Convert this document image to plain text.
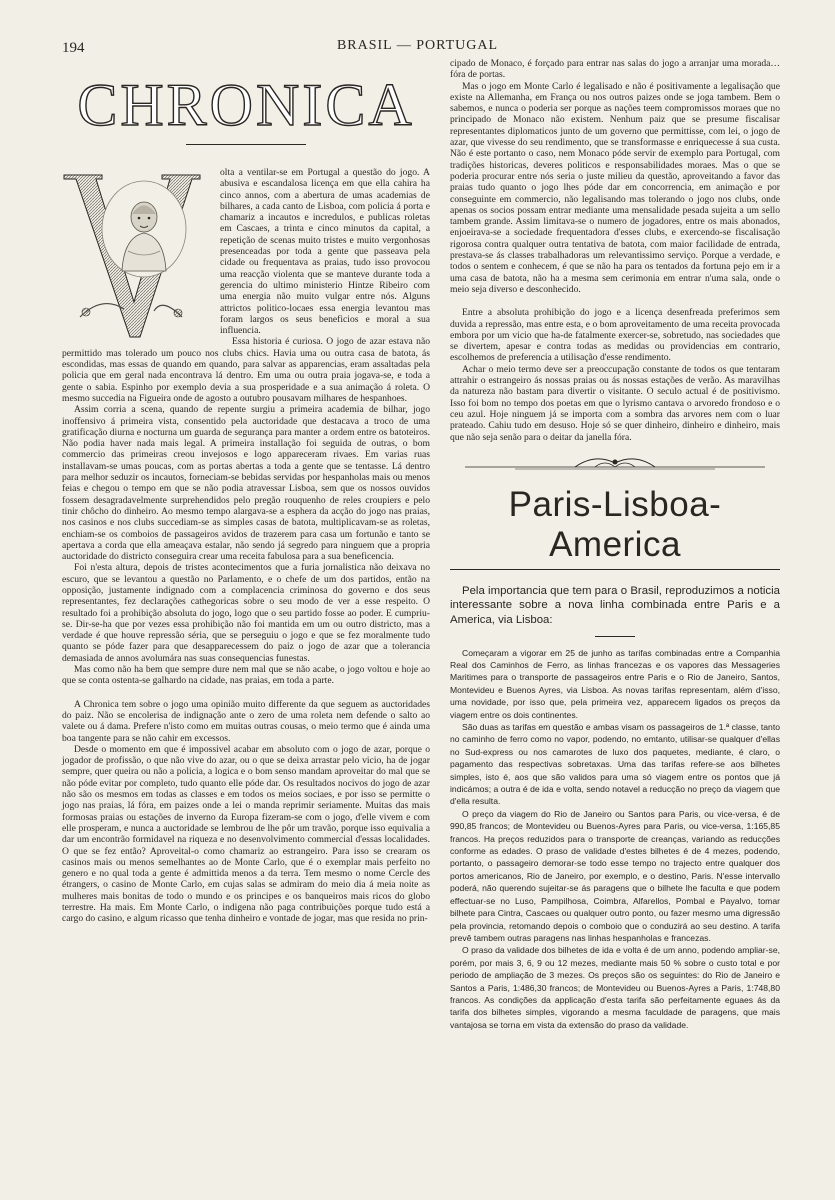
194	BRASIL — PORTUGAL
CHRONICA

olta a ventilar-se em Portugal a questão do jogo. A abusiva e escandalosa licença em que ella cahira ha cinco annos, com a abertura de umas academias de bilhares, a cada canto de Lisboa, com policia á porta e chamariz a incautos e incredulos, e publicas roletas em Cascaes, a trinta e cinco minutos da capital, a repetição de scenas muito tristes e muito vergonhosas presenceadas por toda a gente que passeava pela cidade ou frequentava as praias, tudo isso provocou uma reacção violenta que se manteve durante toda a gerencia do ultimo ministerio Hintze Ribeiro com uma energia não muito vulgar entre nós. Alguns attrictos politico-locaes essa energia levantou mas foram largos os seus beneficios e moral a sua influencia.

Essa historia é curiosa. O jogo de azar estava não permittido mas tolerado um pouco nos clubs chics. Havia uma ou outra casa de batota, ás escondidas, mas essas de quando em quando, para salvar as apparencias, eram assaltadas pela policia que em geral nada encontrava lá dentro. Em uma ou outra praia jogava-se, e toda a gente o sabia. Espinho por exemplo devia a sua prosperidade e a sua animação á roleta. O mesmo succedia na Figueira onde de agosto a outubro pousavam milhares de hespanhoes.

Assim corria a scena, quando de repente surgiu a primeira academia de bilhar, jogo inoffensivo á primeira vista, consentido pela auctoridade que destacava a troco de uma gratificação diurna e nocturna um guarda de segurança para manter a ordem entre os batoteiros. Não podia haver nada mais legal. A primeira installação foi seguida de outras, o bom commercio das primeiras creou invejosos e logo appareceram rivaes. Em varias ruas installavam-se umas poucas, com as portas abertas a toda a gente que se tentasse. Lá dentro para melhor seduzir os incautos, forneciam-se bebidas servidas por hespanholas mais ou menos feias e chegou o tempo em que se não podia atravessar Lisboa, sem que os nossos ouvidos fossem desagradavelmente surprehendidos pelo pregão rouquenho de reles croupiers e pelo tinir chôcho do dinheiro. Ao mesmo tempo alargava-se a esphera da acção do jogo nas praias, nos casinos e nos clubs succediam-se as simples casas de batota, multiplicavam-se as roletas, enchiam-se os comboios de passageiros avidos de trazerem para casa um fortunão e tanto se apertava a corda que ella ameaçava estalar, não sendo já segredo para ninguem que a propria auctoridade do districto conseguira crear uma receita fabulosa para a sua beneficencia.

Foi n'esta altura, depois de tristes acontecimentos que a furia jornalistica não deixava no escuro, que se levantou a questão no Parlamento, e o chefe de um dos partidos, então na opposição, justamente indignado com a complacencia criminosa do governo e dos seus representantes, fez declarações cathegoricas sobre o seu modo de ver a esse respeito. O resultado foi a prohibição absoluta do jogo, logo que o seu partido fosse ao poder. E cumpriu-se. Dir-se-ha que por vezes essa prohibição não foi mantida em um ou outro districto, mas a verdade é que houve repressão séria, que se perseguiu o jogo e que se fez moralmente tudo quanto se póde fazer para que desapparecessem do paiz o jogo de azar que a tolerancia demasiada de annos avolumára nas suas consequencias funestas.

Mas como não ha bem que sempre dure nem mal que se não acabe, o jogo voltou e hoje ao que se conta ostenta-se galhardo na cidade, nas praias, em toda a parte.

A Chronica tem sobre o jogo uma opinião muito differente da que seguem as auctoridades do paiz. Não se encolerisa de indignação ante o zero de uma roleta nem defende o salto ao valete ou á dama. Prefere n'isto como em muitas outras cousas, o meio termo que é ainda uma boa tangente para se não cahir em excessos.

Desde o momento em que é impossivel acabar em absoluto com o jogo de azar, porque o jogador de profissão, o que não vive do azar, ou o que se deixa arrastar pelo vicio, ha de jogar sempre, quer queira ou não a policia, a logica e o bom senso mandam aproveitar do mal que se não póde evitar por completo, tudo quanto elle póde dar. Os resultados nocivos do jogo de azar não são os mesmos em todas as classes e em todos os meios sociaes, e por isso se permitte o jogo nas praias, lá fóra, em paizes onde a lei o manda reprimir seriamente. Muitas das mais formosas praias ou estações de inverno da Europa fizeram-se com o jogo, d'elle vivem e com elle prosperam, e nunca a auctoridade se lembrou de lhe pôr um travão, porque isso equivalia a dar um encontrão formidavel na riqueza e no desenvolvimento commercial d'essas localidades. O que se fez então? Aproveital-o como chamariz ao estrangeiro. Para isso se crearam os casinos mais ou menos semelhantes ao de Monte Carlo, que é o exemplar mais perfeito no genero e no qual toda a gente é admittida menos a da terra. Tem mesmo o nome Cercle des étrangers, o casino de Monte Carlo, em cujas salas se admiram do meio dia á meia noite as mulheres mais bonitas de todo o mundo e os principes e os banqueiros mais ricos do globo terrestre. Ha mais. Em Monte Carlo, o indigena não paga contribuições porque tudo está a cargo do casino, e algum ricasso que tenha dinheiro e vontade de jogar, mas que resida no prin-

cipado de Monaco, é forçado para entrar nas salas do jogo a arranjar uma morada… fóra de portas.

Mas o jogo em Monte Carlo é legalisado e não é positivamente a legalisação que existe na Allemanha, em França ou nos outros paizes onde se joga tambem. Bem o sabemos, e nunca o poderia ser porque as nações teem compromissos moraes que no principado de Monaco não existem. Nenhum paiz que se presume fiscalisar representantes diplomaticos junto de um governo que permittisse, com lei, o jogo de azar, que vivesse do seu rendimento, que se transformasse e enriquecesse á sua custa. Não é este portanto o caso, nem Monaco póde servir de exemplo para Portugal, com tradições historicas, deveres politicos e responsabilidades moraes. Mas o que se poderia procurar entre nós seria o juste milieu da questão, aproveitando a favor das praias tudo quanto o jogo lhes póde dar em concorrencia, em animação e por conseguinte em commercio, não legalisando mas tolerando o jogo nos clubs, onde apenas os socios possam entrar mediante uma mensalidade pesada sujeita a um sello tambem grande. Assim limitava-se o numero de jogadores, entre os mais abonados, enjoeirava-se a sociedade frequentadora d'esses clubs, e exercendo-se fiscalisação rigorosa contra qualquer outra tentativa de batota, com maior facilidade de entrada, prestava-se ás classes trabalhadoras um relevantissimo serviço. Porque a verdade, e todos o sentem e conhecem, é que se não ha para os tentados da fortuna pejo em ir a uma casa de batota, não ha a mesma sem cerimonia em entrar n'uma sala, onde o meio seja diverso e desconhecido.

Entre a absoluta prohibição do jogo e a licença desenfreada preferimos sem duvida a repressão, mas entre esta, e o bom aproveitamento de uma receita provocada embora por um vicio que ha-de fatalmente exercer-se, sobretudo, nas sociedades que se divertem, apesar e contra todas as medidas ou providencias em contrario, escolhemos de preferencia a utilisação d'esse rendimento.

Achar o meio termo deve ser a preoccupação constante de todos os que tentaram attrahir o estrangeiro ás nossas praias ou ás nossas estações de verão. As maravilhas da natureza não bastam para divertir o visitante. O seculo actual é de positivismo. Isso foi bom no tempo dos poetas em que o lyrismo cantava o arvoredo frondoso e o ceu azul. Hoje ninguem já se importa com a sombra das arvores nem com o luar prateado. Cahiu tudo em desuso. Hoje só se quer dinheiro, dinheiro e dinheiro, mais que não seja senão para o deitar da janella fóra.

Paris-Lisboa-America

Pela importancia que tem para o Brasil, reproduzimos a noticia interessante sobre a nova linha combinada entre Paris e a America, via Lisboa:

Começaram a vigorar em 25 de junho as tarifas combinadas entre a Companhia Real dos Caminhos de Ferro, as linhas francezas e os vapores das Messageries Maritimes para o transporte de passageiros entre Paris e o Rio de Janeiro, Santos, Montevideu e Buenos Ayres, via Lisboa. As novas tarifas representam, além d'isso, uma novidade, por isso que, pela primeira vez, apparecem ligados os preços da viagem entre os dois continentes.

São duas as tarifas em questão e ambas visam os passageiros de 1.ª classe, tanto no caminho de ferro como no vapor, podendo, no emtanto, utilisar-se qualquer d'ellas no Sud-express ou nos camarotes de luxo dos paquetes, mediante, é claro, o pagamento das respectivas sobretaxas. Uma das tarifas refere-se aos bilhetes simples, isto é, aos que são validos para uma só viagem entre os pontos que já indicámos; a outra é de ida e volta, sendo notavel a reducção no preço da viagem que d'ella resulta.

O preço da viagem do Rio de Janeiro ou Santos para Paris, ou vice-versa, é de 990,85 francos; de Montevideu ou Buenos-Ayres para Paris, ou vice-versa, 1:165,85 francos. Ha preços reduzidos para o transporte de creanças, variando as reducções conforme as edades. O praso de validade d'estes bilhetes é de 4 mezes, podendo, portanto, o passageiro demorar-se todo esse tempo no trajecto entre qualquer dos portos americanos, Rio de Janeiro, por exemplo, e o destino, Paris. N'esse intervallo poderá, não querendo sujeitar-se ás paragens que o bilhete lhe faculta e que podem effectuar-se no Luso, Pampilhosa, Coimbra, Alfarellos, Pombal e Payalvo, tomar bilhete para Cintra, Cascaes ou qualquer outro ponto, ou fazer mesmo uma digressão pela provincia, retomando depois o comboio que o conduzirá ao seu destino. A tarifa prevê tambem outras paragens nas linhas hespanholas e francezas.

O praso da validade dos bilhetes de ida e volta é de um anno, podendo ampliar-se, porém, por mais 3, 6, 9 ou 12 mezes, mediante mais 50 % sobre o custo total e por periodo de ampliação de 3 mezes. Os preços são os seguintes: do Rio de Janeiro e Santos a Paris, 1:486,30 francos; de Montevideu ou Buenos-Ayres a Paris, 1:748,80 francos. As condições da applicação d'esta tarifa são perfeitamente eguaes ás da tarifa dos bilhetes simples, vigorando a mesma faculdade de paragens, que mais vantajosa se torna em vista da extensão do praso da validade.
